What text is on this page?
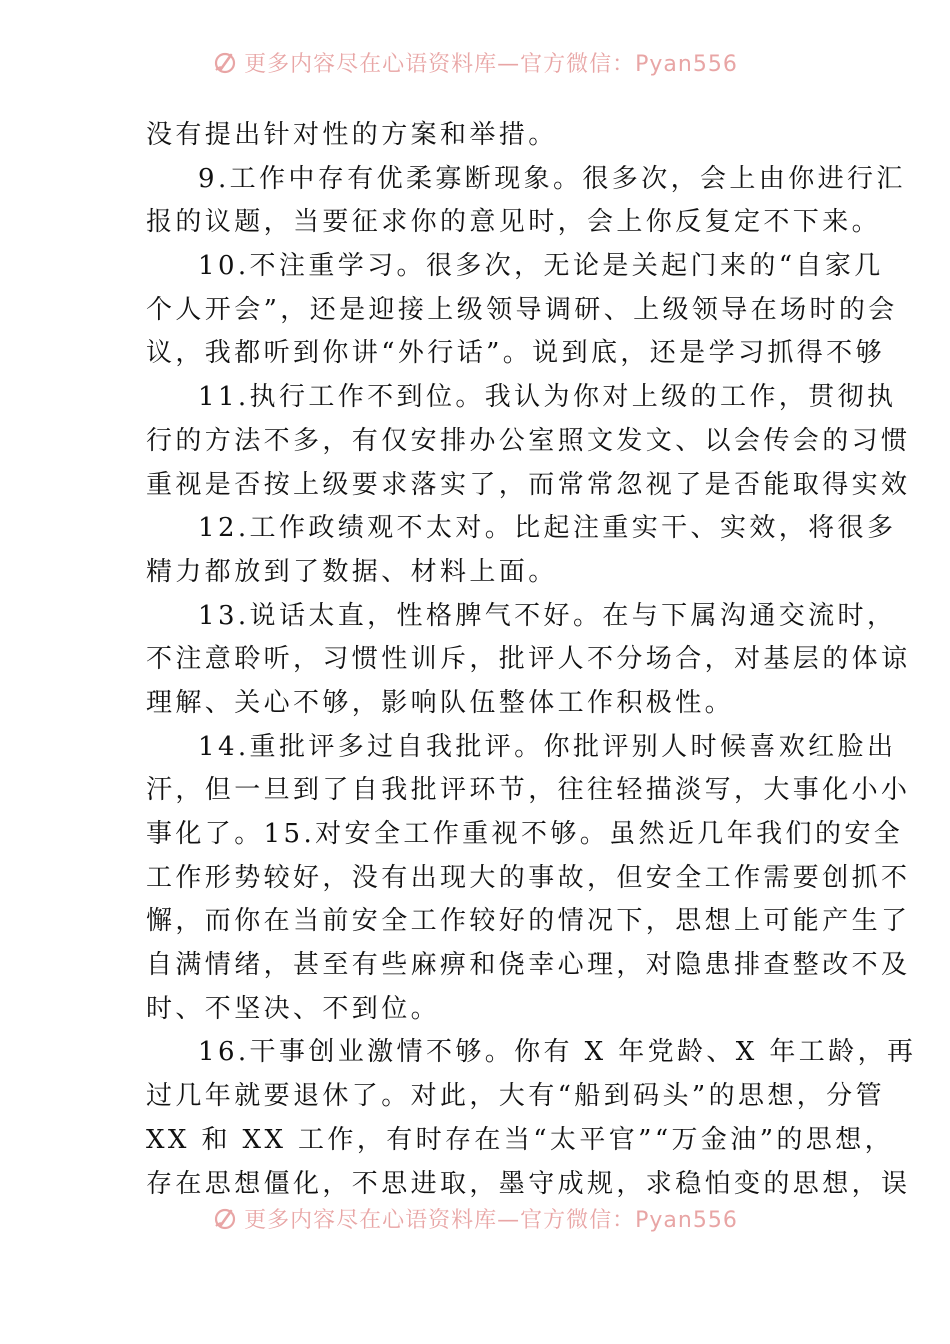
更多内容尽在心语资料库—官方微信：Pyan556
没有提出针对性的方案和举措。
9.工作中存有优柔寡断现象。很多次，会上由你进行汇
报的议题，当要征求你的意见时，会上你反复定不下来。
10.不注重学习。很多次，无论是关起门来的“自家几
个人开会”，还是迎接上级领导调研、上级领导在场时的会
议，我都听到你讲“外行话”。说到底，还是学习抓得不够
11.执行工作不到位。我认为你对上级的工作，贯彻执
行的方法不多，有仅安排办公室照文发文、以会传会的习惯
重视是否按上级要求落实了，而常常忽视了是否能取得实效
12.工作政绩观不太对。比起注重实干、实效，将很多
精力都放到了数据、材料上面。
13.说话太直，性格脾气不好。在与下属沟通交流时，
不注意聆听，习惯性训斥，批评人不分场合，对基层的体谅
理解、关心不够，影响队伍整体工作积极性。
14.重批评多过自我批评。你批评别人时候喜欢红脸出
汗，但一旦到了自我批评环节，往往轻描淡写，大事化小小
事化了。15.对安全工作重视不够。虽然近几年我们的安全
工作形势较好，没有出现大的事故，但安全工作需要创抓不
懈，而你在当前安全工作较好的情况下，思想上可能产生了
自满情绪，甚至有些麻痹和侥幸心理，对隐患排查整改不及
时、不坚决、不到位。
16.干事创业激情不够。你有 X 年党龄、X 年工龄，再
过几年就要退休了。对此，大有“船到码头”的思想，分管
XX 和 XX 工作，有时存在当“太平官”“万金油”的思想，
存在思想僵化，不思进取，墨守成规，求稳怕变的思想，误
更多内容尽在心语资料库—官方微信：Pyan556
